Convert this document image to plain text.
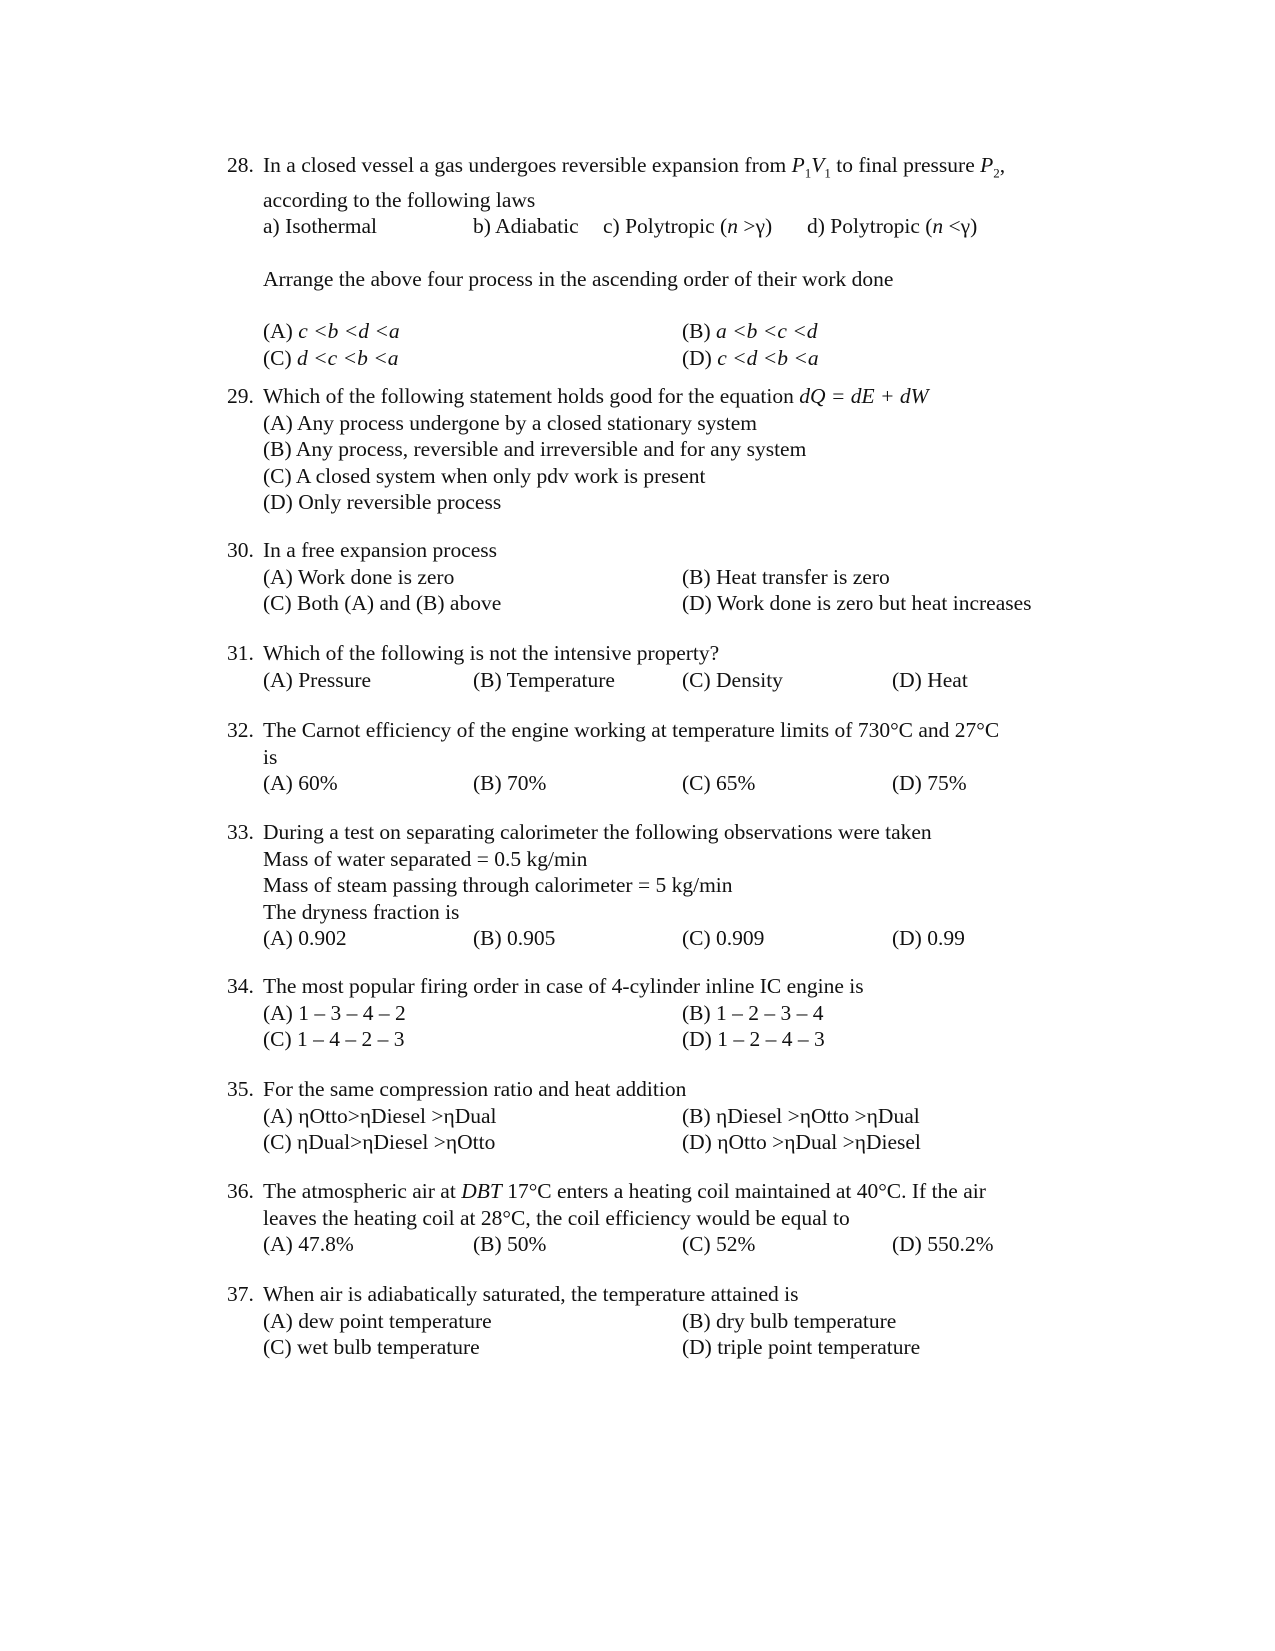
28. In a closed vessel a gas undergoes reversible expansion from $P_1V_1$ to final pressure $P_2$,
according to the following laws
a) Isothermal	b) Adiabatic c) Polytropic (n >γ) d) Polytropic (n <γ)
Arrange the above four process in the ascending order of their work done
(A) c <b <d <a	(B) a <b <c <d
(C) d <c <b <a	(D) c <d <b <a
29. Which of the following statement holds good for the equation dQ = dE + dW
(A) Any process undergone by a closed stationary system
(B) Any process, reversible and irreversible and for any system
(C) A closed system when only pdv work is present
(D) Only reversible process
30. In a free expansion process
(A) Work done is zero	(B) Heat transfer is zero
(C) Both (A) and (B) above	(D) Work done is zero but heat increases
31. Which of the following is not the intensive property?
(A) Pressure	(B) Temperature	(C) Density	(D) Heat
32. The Carnot efficiency of the engine working at temperature limits of 730°C and 27°C
is
(A) 60%	(B) 70%	(C) 65%	(D) 75%
33. During a test on separating calorimeter the following observations were taken
Mass of water separated = 0.5 kg/min
Mass of steam passing through calorimeter = 5 kg/min
The dryness fraction is
(A) 0.902	(B) 0.905	(C) 0.909	(D) 0.99
34. The most popular firing order in case of 4-cylinder inline IC engine is
(A) 1 – 3 – 4 – 2	(B) 1 – 2 – 3 – 4
(C) 1 – 4 – 2 – 3	(D) 1 – 2 – 4 – 3
35. For the same compression ratio and heat addition
(A) ηOtto>ηDiesel >ηDual	(B) ηDiesel >ηOtto >ηDual
(C) ηDual>ηDiesel >ηOtto	(D) ηOtto >ηDual >ηDiesel
36. The atmospheric air at DBT 17°C enters a heating coil maintained at 40°C. If the air
leaves the heating coil at 28°C, the coil efficiency would be equal to
(A) 47.8%	(B) 50%	(C) 52%	(D) 550.2%
37. When air is adiabatically saturated, the temperature attained is
(A) dew point temperature	(B) dry bulb temperature
(C) wet bulb temperature	(D) triple point temperature
